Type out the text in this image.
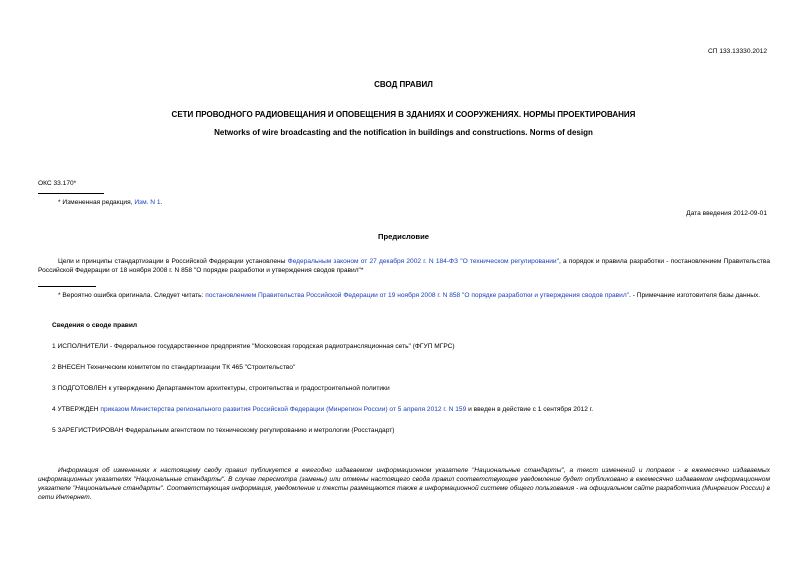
СП 133.13330.2012
СВОД ПРАВИЛ
СЕТИ ПРОВОДНОГО РАДИОВЕЩАНИЯ И ОПОВЕЩЕНИЯ В ЗДАНИЯХ И СООРУЖЕНИЯХ. НОРМЫ ПРОЕКТИРОВАНИЯ
Networks of wire broadcasting and the notification in buildings and constructions. Norms of design
ОКС 33.170*
* Измененная редакция, Изм. N 1.
Дата введения 2012-09-01
Предисловие
Цели и принципы стандартизации в Российской Федерации установлены Федеральным законом от 27 декабря 2002 г. N 184-ФЗ "О техническом регулировании", а порядок и правила разработки - постановлением Правительства Российской Федерации от 18 ноября 2008 г. N 858 "О порядке разработки и утверждения сводов правил"*
* Вероятно ошибка оригинала. Следует читать: постановлением Правительства Российской Федерации от 19 ноября 2008 г. N 858 "О порядке разработки и утверждения сводов правил". - Примечание изготовителя базы данных.
Сведения о своде правил
1 ИСПОЛНИТЕЛИ - Федеральное государственное предприятие "Московская городская радиотрансляционная сеть" (ФГУП МГРС)
2 ВНЕСЕН Техническим комитетом по стандартизации ТК 465 "Строительство"
3 ПОДГОТОВЛЕН к утверждению Департаментом архитектуры, строительства и градостроительной политики
4 УТВЕРЖДЕН приказом Министерства регионального развития Российской Федерации (Минрегион России) от 5 апреля 2012 г. N 159 и введен в действие с 1 сентября 2012 г.
5 ЗАРЕГИСТРИРОВАН Федеральным агентством по техническому регулированию и метрологии (Росстандарт)
Информация об изменениях к настоящему своду правил публикуется в ежегодно издаваемом информационном указателе "Национальные стандарты", а текст изменений и поправок - в ежемесячно издаваемых информационных указателях "Национальные стандарты". В случае пересмотра (замены) или отмены настоящего свода правил соответствующее уведомление будет опубликовано в ежемесячно издаваемом информационном указателе "Национальные стандарты". Соответствующая информация, уведомление и тексты размещаются также в информационной системе общего пользования - на официальном сайте разработчика (Минрегион России) в сети Интернет.
